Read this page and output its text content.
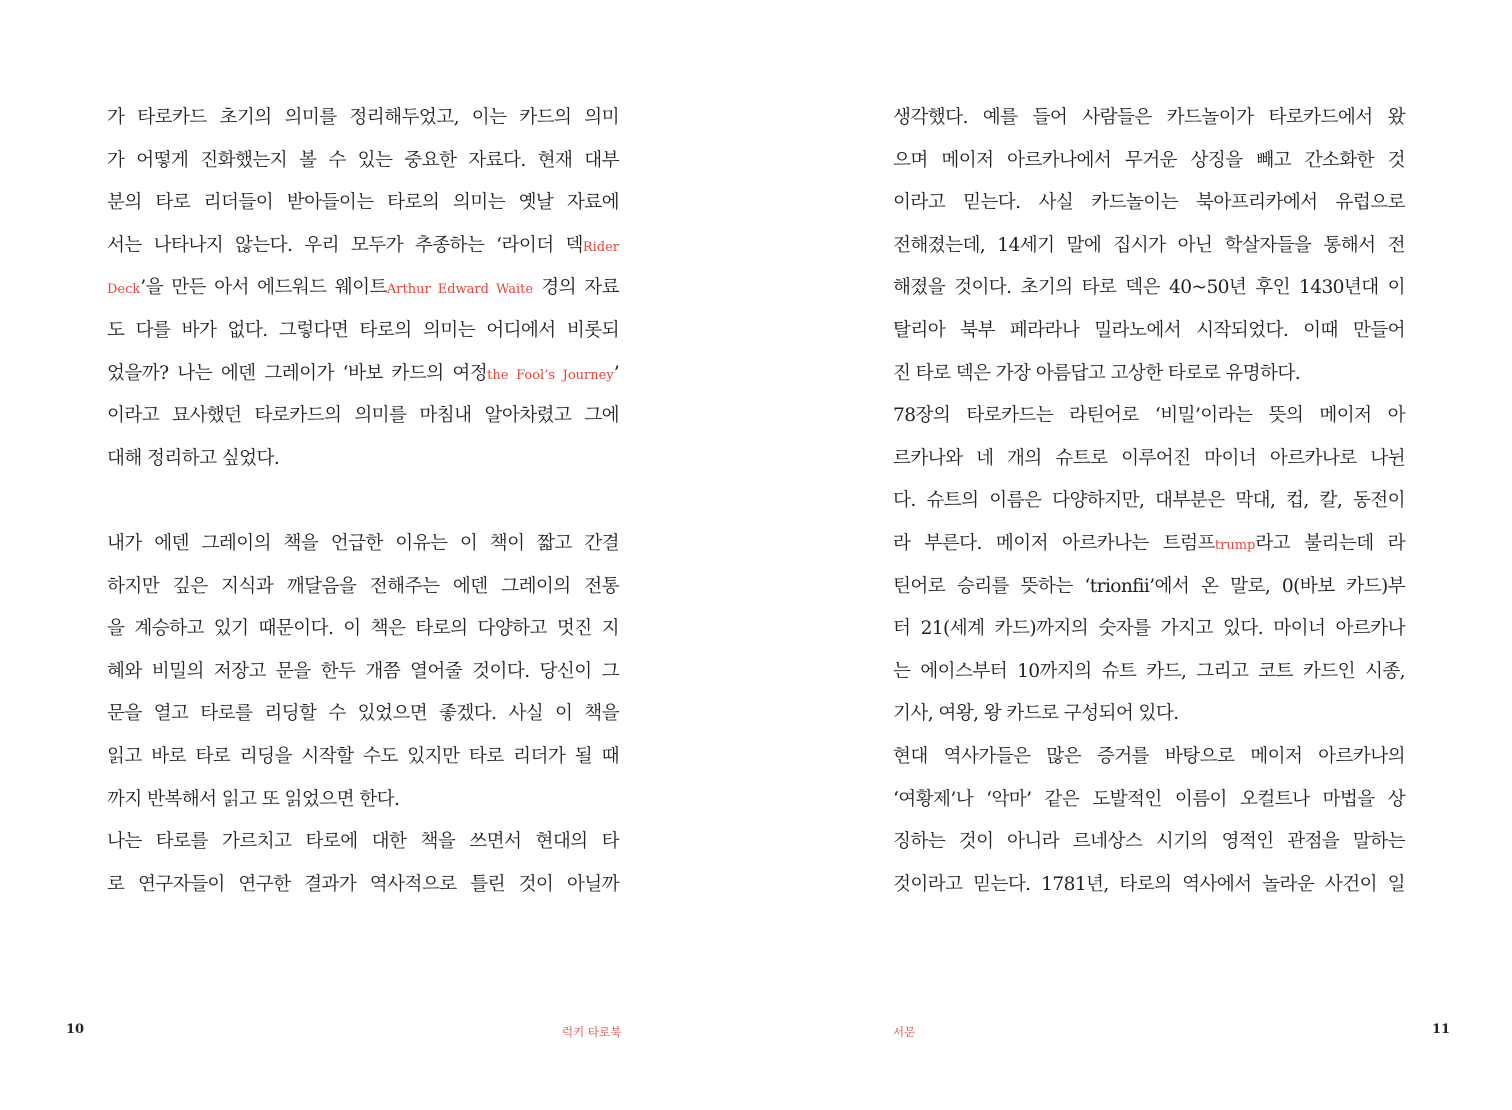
가 타로카드 초기의 의미를 정리해두었고, 이는 카드의 의미
가 어떻게 진화했는지 볼 수 있는 중요한 자료다. 현재 대부
분의 타로 리더들이 받아들이는 타로의 의미는 옛날 자료에
서는 나타나지 않는다. 우리 모두가 추종하는 ‘라이더 덱Rider
Deck’을 만든 아서 에드워드 웨이트Arthur Edward Waite 경의 자료
도 다를 바가 없다. 그렇다면 타로의 의미는 어디에서 비롯되
었을까? 나는 에덴 그레이가 ‘바보 카드의 여정the Fool’s Journey’
이라고 묘사했던 타로카드의 의미를 마침내 알아차렸고 그에
대해 정리하고 싶었다.
내가 에덴 그레이의 책을 언급한 이유는 이 책이 짧고 간결
하지만 깊은 지식과 깨달음을 전해주는 에덴 그레이의 전통
을 계승하고 있기 때문이다. 이 책은 타로의 다양하고 멋진 지
혜와 비밀의 저장고 문을 한두 개쯤 열어줄 것이다. 당신이 그
문을 열고 타로를 리딩할 수 있었으면 좋겠다. 사실 이 책을
읽고 바로 타로 리딩을 시작할 수도 있지만 타로 리더가 될 때
까지 반복해서 읽고 또 읽었으면 한다.
나는 타로를 가르치고 타로에 대한 책을 쓰면서 현대의 타
로 연구자들이 연구한 결과가 역사적으로 틀린 것이 아닐까
10	럭키 타로북
생각했다. 예를 들어 사람들은 카드놀이가 타로카드에서 왔
으며 메이저 아르카나에서 무거운 상징을 빼고 간소화한 것
이라고 믿는다. 사실 카드놀이는 북아프리카에서 유럽으로
전해졌는데, 14세기 말에 집시가 아닌 학살자들을 통해서 전
해졌을 것이다. 초기의 타로 덱은 40~50년 후인 1430년대 이
탈리아 북부 페라라나 밀라노에서 시작되었다. 이때 만들어
진 타로 덱은 가장 아름답고 고상한 타로로 유명하다.
78장의 타로카드는 라틴어로 ‘비밀’이라는 뜻의 메이저 아
르카나와 네 개의 슈트로 이루어진 마이너 아르카나로 나뉜
다. 슈트의 이름은 다양하지만, 대부분은 막대, 컵, 칼, 동전이
라 부른다. 메이저 아르카나는 트럼프trump라고 불리는데 라
틴어로 승리를 뜻하는 ‘trionfii’에서 온 말로, 0(바보 카드)부
터 21(세계 카드)까지의 숫자를 가지고 있다. 마이너 아르카나
는 에이스부터 10까지의 슈트 카드, 그리고 코트 카드인 시종,
기사, 여왕, 왕 카드로 구성되어 있다.
현대 역사가들은 많은 증거를 바탕으로 메이저 아르카나의
‘여황제’나 ‘악마’ 같은 도발적인 이름이 오컬트나 마법을 상
징하는 것이 아니라 르네상스 시기의 영적인 관점을 말하는
것이라고 믿는다. 1781년, 타로의 역사에서 놀라운 사건이 일
11
서문
